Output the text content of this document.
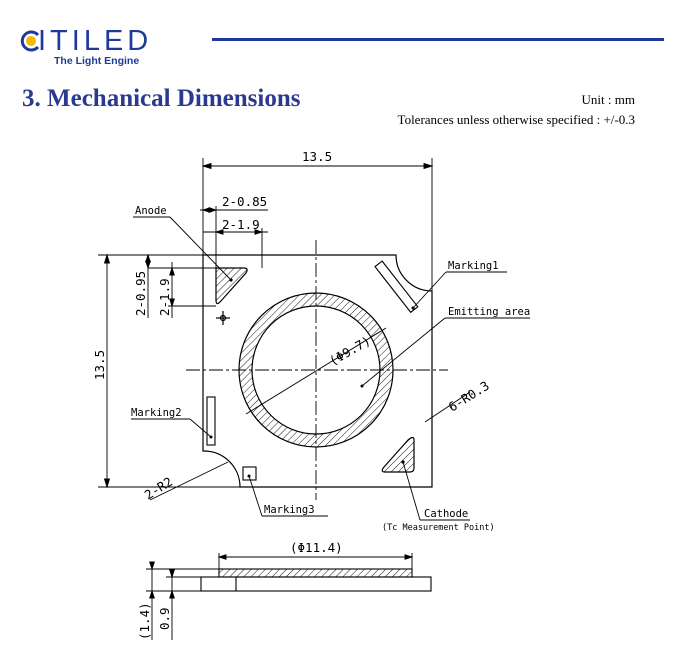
ITILED
The Light Engine
3. Mechanical Dimensions	Unit : mm
Tolerances unless otherwise specified : +/-0.3
(Φ9.7)
13.5
13.5
2-0.85
2-1.9
2-0.95 2-1.9
Anode
Marking1
Emitting area
Marking2
Marking3	Cathode
(Tc Measurement Point)
2-R2
6-R0.3
(Φ11.4)
(1.4) 0.9
